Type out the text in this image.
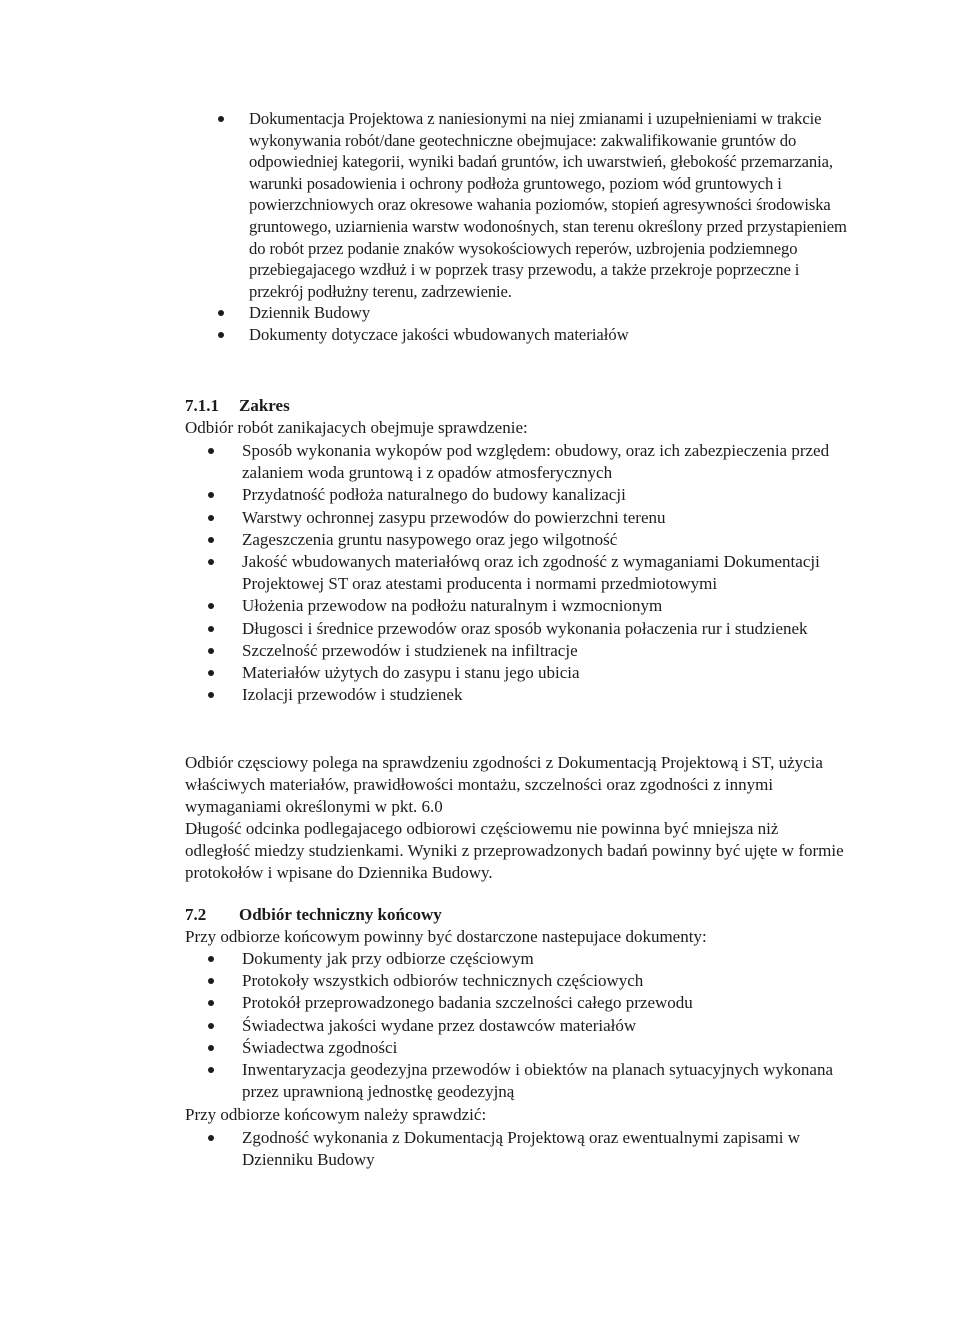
Dokumentacja Projektowa z naniesionymi na niej zmianami i uzupełnieniami w trakcie wykonywania robót/dane geotechniczne obejmujace: zakwalifikowanie gruntów do odpowiedniej kategorii, wyniki badań gruntów, ich uwarstwień, głebokość przemarzania, warunki posadowienia i ochrony podłoża gruntowego, poziom wód gruntowych i powierzchniowych oraz okresowe wahania poziomów, stopień agresywności środowiska gruntowego, uziarnienia warstw wodonośnych, stan terenu określony przed przystapieniem do robót przez podanie znaków wysokościowych reperów, uzbrojenia podziemnego przebiegajacego wzdłuż i w poprzek trasy przewodu, a także przekroje poprzeczne i przekrój podłużny terenu, zadrzewienie.
Dziennik Budowy
Dokumenty dotyczace jakości wbudowanych materiałów
7.1.1 Zakres

Odbiór robót zanikajacych obejmuje sprawdzenie:

Sposób wykonania wykopów pod względem: obudowy, oraz ich zabezpieczenia przed zalaniem woda gruntową i z opadów atmosferycznych
Przydatność podłoża naturalnego do budowy kanalizacji
Warstwy ochronnej zasypu przewodów do powierzchni terenu
Zageszczenia gruntu nasypowego oraz jego wilgotność
Jakość wbudowanych materiałówq oraz ich zgodność z wymaganiami Dokumentacji Projektowej ST oraz atestami producenta i normami przedmiotowymi
Ułożenia przewodow na podłożu naturalnym i wzmocnionym
Długosci i średnice przewodów oraz sposób wykonania połaczenia rur i studzienek
Szczelność przewodów i studzienek na infiltracje
Materiałów użytych do zasypu i stanu jego ubicia
Izolacji przewodów i studzienek

Odbiór częsciowy polega na sprawdzeniu zgodności z Dokumentacją Projektową i ST, użycia właściwych materiałów, prawidłowości montażu, szczelności oraz zgodności z innymi wymaganiami określonymi w pkt. 6.0

Długość odcinka podlegajacego odbiorowi częściowemu nie powinna być mniejsza niż odległość miedzy studzienkami. Wyniki z przeprowadzonych badań powinny być ujęte w formie protokołów i wpisane do Dziennika Budowy.

7.2 Odbiór techniczny końcowy

Przy odbiorze końcowym powinny być dostarczone nastepujace dokumenty:

Dokumenty jak przy odbiorze częściowym
Protokoły wszystkich odbiorów technicznych częściowych
Protokół przeprowadzonego badania szczelności całego przewodu
Świadectwa jakości wydane przez dostawców materiałów
Świadectwa zgodności
Inwentaryzacja geodezyjna przewodów i obiektów na planach sytuacyjnych wykonana przez uprawnioną jednostkę geodezyjną

Przy odbiorze końcowym należy sprawdzić:

Zgodność wykonania z Dokumentacją Projektową oraz ewentualnymi zapisami w Dzienniku Budowy
